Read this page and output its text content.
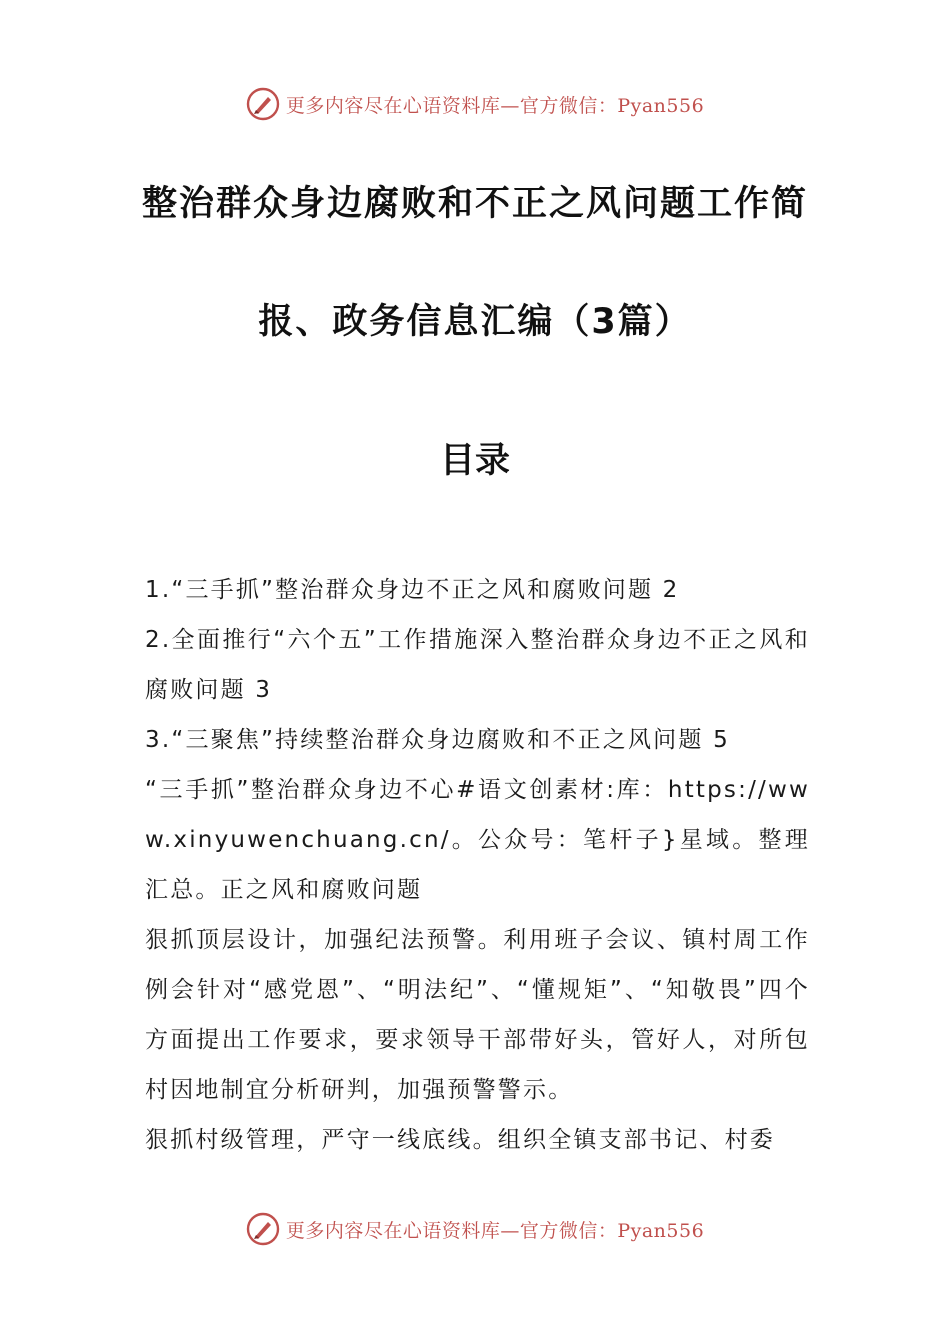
更多内容尽在心语资料库—官方微信：Pyan556
整治群众身边腐败和不正之风问题工作简
报、政务信息汇编（3篇）
目录

1.“三手抓”整治群众身边不正之风和腐败问题 2

2.全面推行“六个五”工作措施深入整治群众身边不正之风和腐败问题 3

3.“三聚焦”持续整治群众身边腐败和不正之风问题 5

“三手抓”整治群众身边不心#语文创素材:库：https://www.xinyuwenchuang.cn/。公众号：笔杆子}星域。整理汇总。正之风和腐败问题

狠抓顶层设计，加强纪法预警。利用班子会议、镇村周工作例会针对“感党恩”、“明法纪”、“懂规矩”、“知敬畏”四个方面提出工作要求，要求领导干部带好头，管好人，对所包村因地制宜分析研判，加强预警警示。

狠抓村级管理，严守一线底线。组织全镇支部书记、村委

更多内容尽在心语资料库—官方微信：Pyan556
